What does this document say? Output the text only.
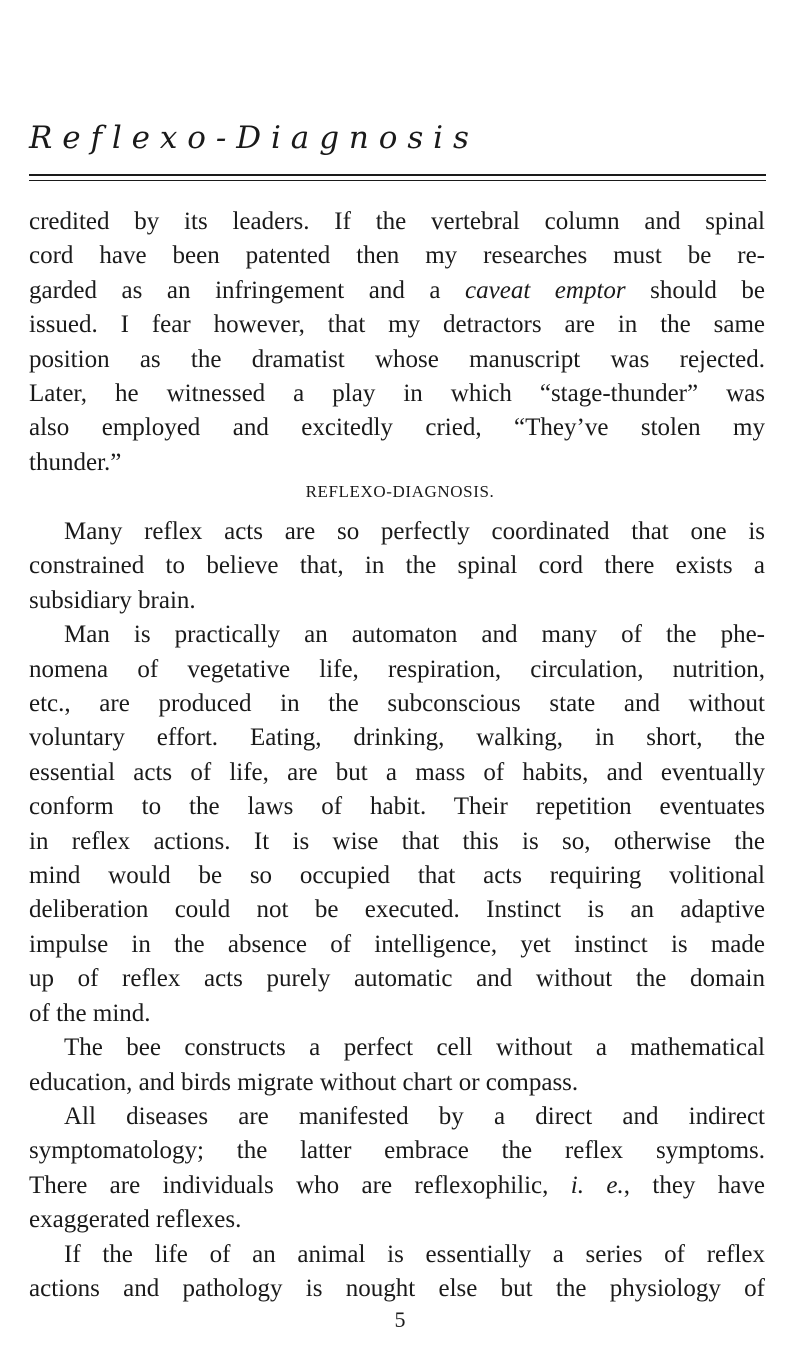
Reflexo-Diagnosis

credited by its leaders. If the vertebral column and spinal

cord have been patented then my researches must be re-

garded as an infringement and a caveat emptor should be

issued. I fear however, that my detractors are in the same

position as the dramatist whose manuscript was rejected.

Later, he witnessed a play in which “stage-thunder” was

also employed and excitedly cried, “They’ve stolen my

thunder.”

REFLEXO-DIAGNOSIS.

Many reflex acts are so perfectly coordinated that one is

constrained to believe that, in the spinal cord there exists a

subsidiary brain.

Man is practically an automaton and many of the phe-

nomena of vegetative life, respiration, circulation, nutrition,

etc., are produced in the subconscious state and without

voluntary effort. Eating, drinking, walking, in short, the

essential acts of life, are but a mass of habits, and eventually

conform to the laws of habit. Their repetition eventuates

in reflex actions. It is wise that this is so, otherwise the

mind would be so occupied that acts requiring volitional

deliberation could not be executed. Instinct is an adaptive

impulse in the absence of intelligence, yet instinct is made

up of reflex acts purely automatic and without the domain

of the mind.

The bee constructs a perfect cell without a mathematical

education, and birds migrate without chart or compass.

All diseases are manifested by a direct and indirect

symptomatology; the latter embrace the reflex symptoms.

There are individuals who are reflexophilic, i. e., they have

exaggerated reflexes.

If the life of an animal is essentially a series of reflex

actions and pathology is nought else but the physiology of

5
